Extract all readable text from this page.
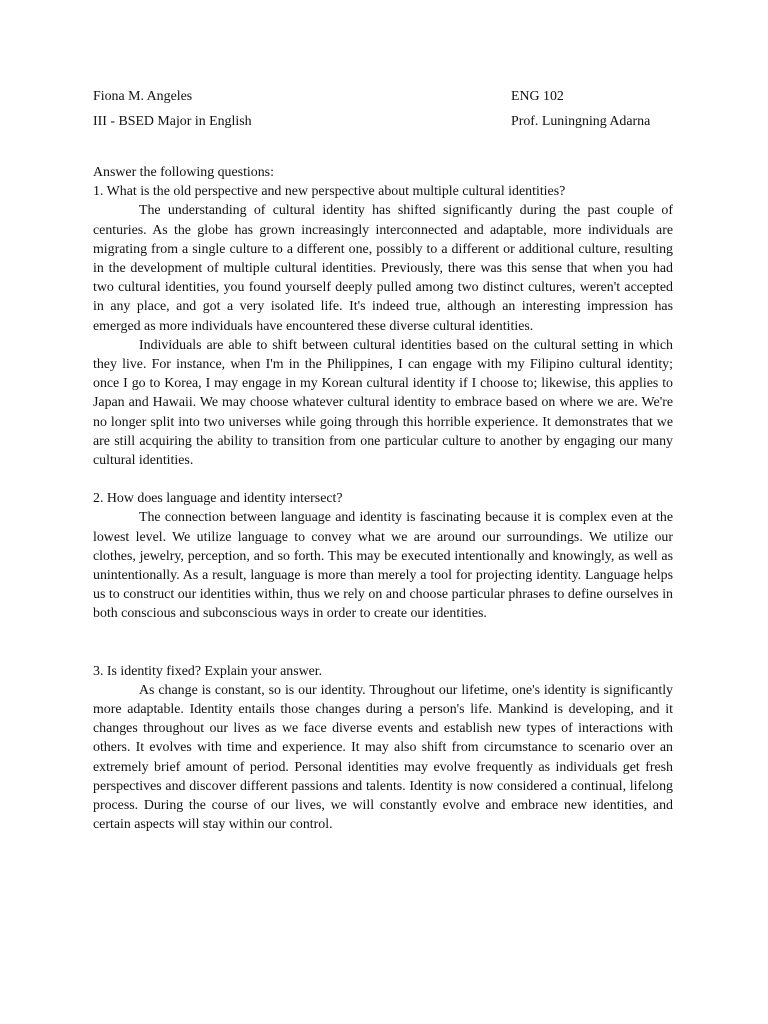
Fiona M. Angeles	ENG 102
III - BSED Major in English	Prof. Luningning Adarna

Answer the following questions:

1. What is the old perspective and new perspective about multiple cultural identities?

The understanding of cultural identity has shifted significantly during the past couple of centuries. As the globe has grown increasingly interconnected and adaptable, more individuals are migrating from a single culture to a different one, possibly to a different or additional culture, resulting in the development of multiple cultural identities. Previously, there was this sense that when you had two cultural identities, you found yourself deeply pulled among two distinct cultures, weren't accepted in any place, and got a very isolated life. It's indeed true, although an interesting impression has emerged as more individuals have encountered these diverse cultural identities.

Individuals are able to shift between cultural identities based on the cultural setting in which they live. For instance, when I'm in the Philippines, I can engage with my Filipino cultural identity; once I go to Korea, I may engage in my Korean cultural identity if I choose to; likewise, this applies to Japan and Hawaii. We may choose whatever cultural identity to embrace based on where we are. We're no longer split into two universes while going through this horrible experience. It demonstrates that we are still acquiring the ability to transition from one particular culture to another by engaging our many cultural identities.

2. How does language and identity intersect?

The connection between language and identity is fascinating because it is complex even at the lowest level. We utilize language to convey what we are around our surroundings. We utilize our clothes, jewelry, perception, and so forth. This may be executed intentionally and knowingly, as well as unintentionally. As a result, language is more than merely a tool for projecting identity. Language helps us to construct our identities within, thus we rely on and choose particular phrases to define ourselves in both conscious and subconscious ways in order to create our identities.

3. Is identity fixed? Explain your answer.

As change is constant, so is our identity. Throughout our lifetime, one's identity is significantly more adaptable. Identity entails those changes during a person's life. Mankind is developing, and it changes throughout our lives as we face diverse events and establish new types of interactions with others. It evolves with time and experience. It may also shift from circumstance to scenario over an extremely brief amount of period. Personal identities may evolve frequently as individuals get fresh perspectives and discover different passions and talents. Identity is now considered a continual, lifelong process. During the course of our lives, we will constantly evolve and embrace new identities, and certain aspects will stay within our control.
